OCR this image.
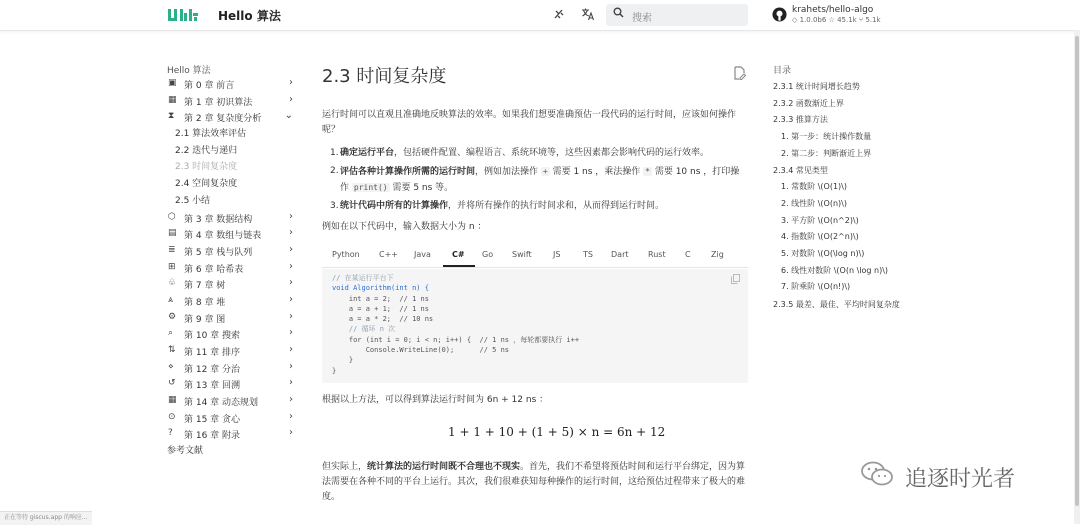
Hello 算法	搜索
krahets/hello-algo
◇ 1.0.0b6 ☆ 45.1k ⑂ 5.1k
Hello 算法
▣ 第 0 章 前言	›
▦ 第 1 章 初识算法	›
⧗	第 2 章 复杂度分析 ⌄
2.1 算法效率评估
2.2 迭代与递归
2.3 时间复杂度
2.4 空间复杂度
2.5 小结
⬡ 第 3 章 数据结构	›
▤ 第 4 章 数组与链表	›
≣ 第 5 章 栈与队列	›
⊞ 第 6 章 哈希表	›
♧ 第 7 章 树	›
⩓	第 8 章 堆	›
⚙ 第 9 章 图	›
⌕	第 10 章 搜索	›
⇅ 第 11 章 排序	›
⋄	第 12 章 分治	›
↺ 第 13 章 回溯	›
▦ 第 14 章 动态规划	›
⊙ 第 15 章 贪心	›
?	第 16 章 附录	›
参考文献
2.3 时间复杂度
运行时间可以直观且准确地反映算法的效率。如果我们想要准确预估一段代码的运行时间，应该如何操作呢？
1. 确定运行平台，包括硬件配置、编程语言、系统环境等，这些因素都会影响代码的运行效率。
2. 评估各种计算操作所需的运行时间，例如加法操作 + 需要 1 ns ，乘法操作 * 需要 10 ns ，打印操作 print() 需要 5 ns 等。
3. 统计代码中所有的计算操作，并将所有操作的执行时间求和，从而得到运行时间。
例如在以下代码中，输入数据大小为 n ：
Python C++ Java	C# Go Swift	JS	TS Dart Rust C	Zig
// 在某运行平台下
void Algorithm(int n) {
int a = 2;  // 1 ns
a = a + 1;  // 1 ns
a = a * 2;  // 10 ns
// 循环 n 次
for (int i = 0; i < n; i++) {  // 1 ns ，每轮都要执行 i++
Console.WriteLine(0);      // 5 ns
}
}
根据以上方法，可以得到算法运行时间为 6n + 12 ns ：
1 + 1 + 10 + (1 + 5) × n = 6n + 12
但实际上，统计算法的运行时间既不合理也不现实。首先，我们不希望将预估时间和运行平台绑定，因为算法需要在各种不同的平台上运行。其次，我们很难获知每种操作的运行时间，这给预估过程带来了极大的难度。
目录
2.3.1 统计时间增长趋势
2.3.2 函数渐近上界
2.3.3 推算方法
1. 第一步：统计操作数量
2. 第二步：判断渐近上界
2.3.4 常见类型
1. 常数阶 \(O(1)\)
2. 线性阶 \(O(n)\)
3. 平方阶 \(O(n^2)\)
4. 指数阶 \(O(2^n)\)
5. 对数阶 \(O(\log n)\)
6. 线性对数阶 \(O(n \log n)\)
7. 阶乘阶 \(O(n!)\)
2.3.5 最差、最佳、平均时间复杂度
追逐时光者
正在等待 giscus.app 的响应...
